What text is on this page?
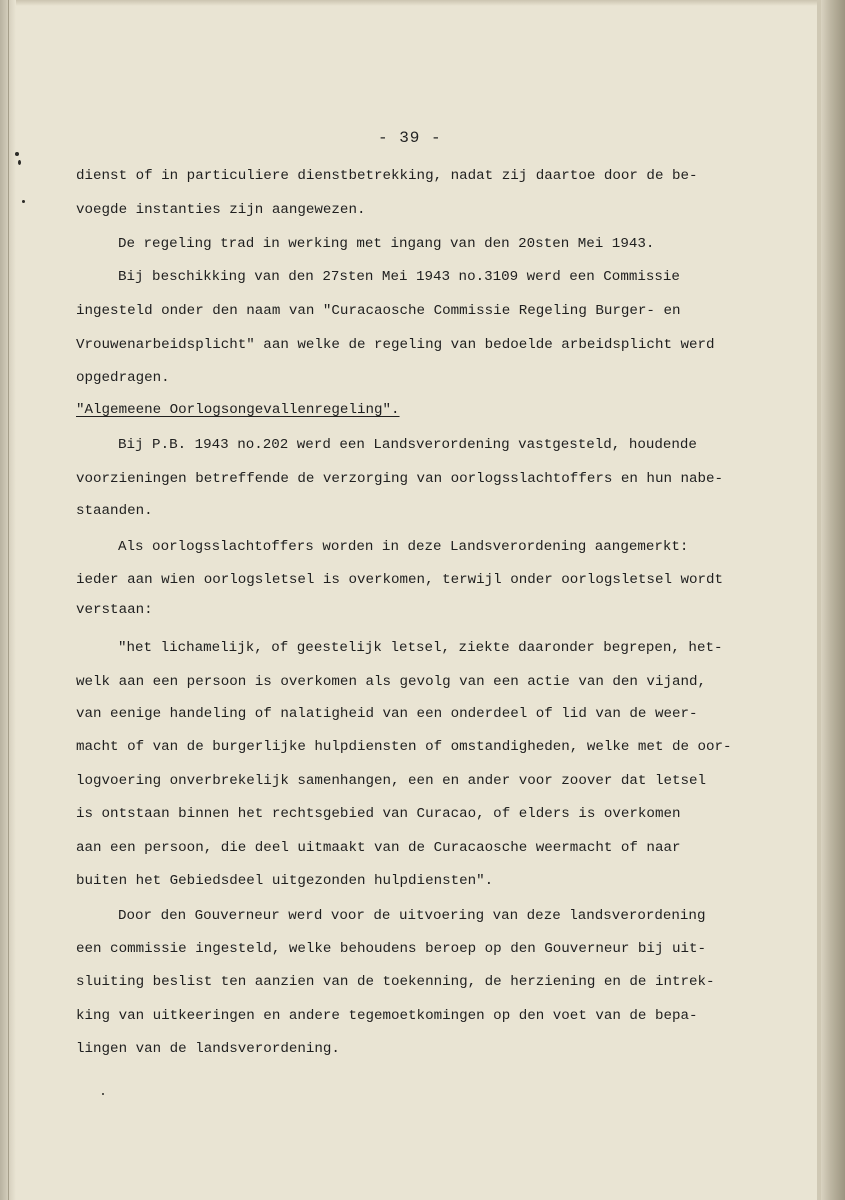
- 39 -
dienst of in particuliere dienstbetrekking, nadat zij daartoe door de be-
voegde instanties zijn aangewezen.
De regeling trad in werking met ingang van den 20sten Mei 1943.
Bij beschikking van den 27sten Mei 1943 no.3109 werd een Commissie
ingesteld onder den naam van "Curacaosche Commissie Regeling Burger- en
Vrouwenarbeidsplicht" aan welke de regeling van bedoelde arbeidsplicht werd
opgedragen.
"Algemeene Oorlogsongevallenregeling".
Bij P.B. 1943 no.202 werd een Landsverordening vastgesteld, houdende
voorzieningen betreffende de verzorging van oorlogsslachtoffers en hun nabe-
staanden.
Als oorlogsslachtoffers worden in deze Landsverordening aangemerkt:
ieder aan wien oorlogsletsel is overkomen, terwijl onder oorlogsletsel wordt
verstaan:
"het lichamelijk, of geestelijk letsel, ziekte daaronder begrepen, het-
welk aan een persoon is overkomen als gevolg van een actie van den vijand,
van eenige handeling of nalatigheid van een onderdeel of lid van de weer-
macht of van de burgerlijke hulpdiensten of omstandigheden, welke met de oor-
logvoering onverbrekelijk samenhangen, een en ander voor zoover dat letsel
is ontstaan binnen het rechtsgebied van Curacao, of elders is overkomen
aan een persoon, die deel uitmaakt van de Curacaosche weermacht of naar
buiten het Gebiedsdeel uitgezonden hulpdiensten".
Door den Gouverneur werd voor de uitvoering van deze landsverordening
een commissie ingesteld, welke behoudens beroep op den Gouverneur bij uit-
sluiting beslist ten aanzien van de toekenning, de herziening en de intrek-
king van uitkeeringen en andere tegemoetkomingen op den voet van de bepa-
lingen van de landsverordening.
